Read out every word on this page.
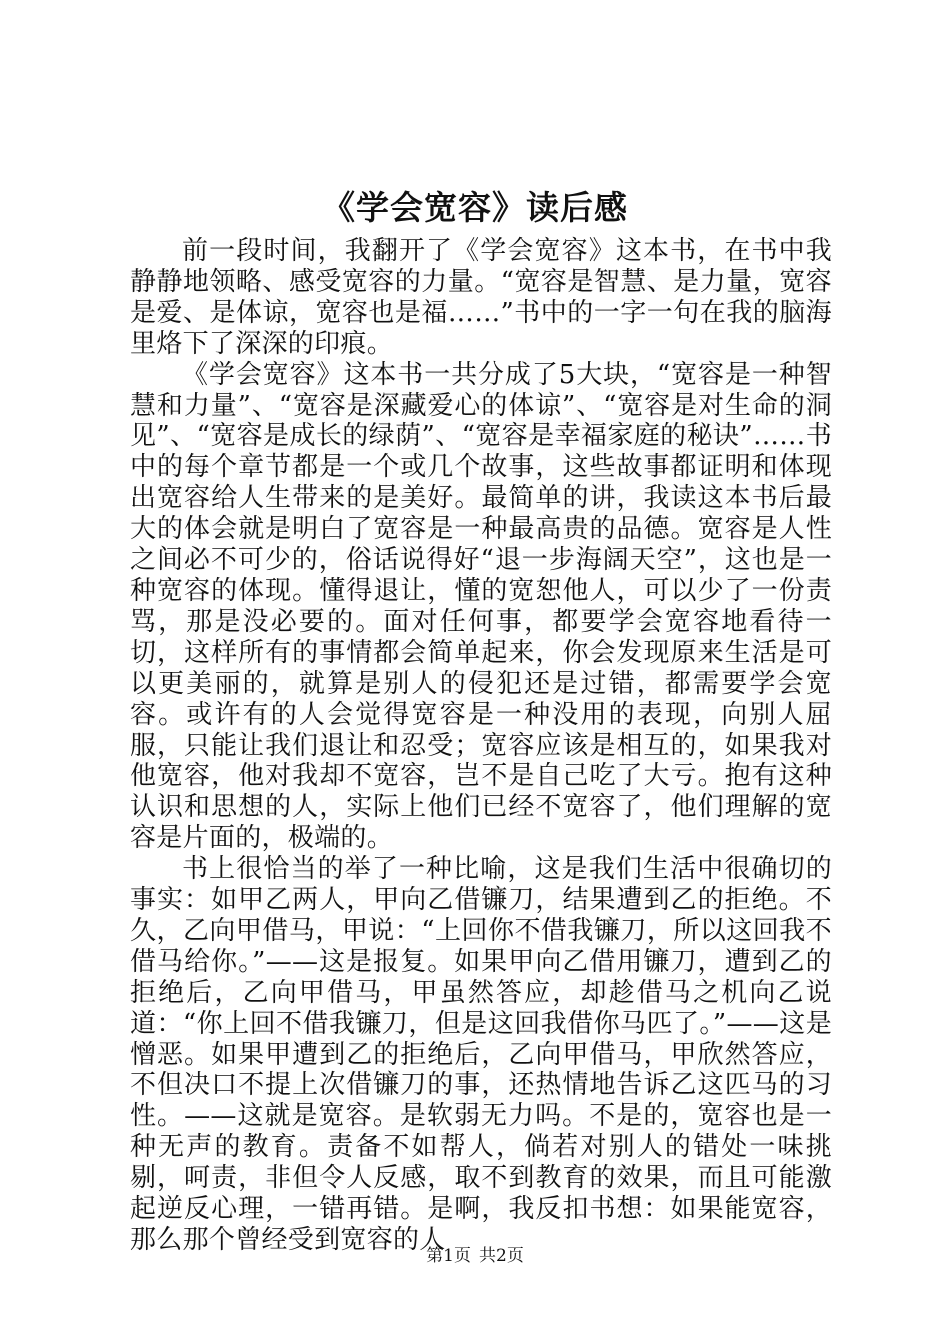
《学会宽容》读后感

前一段时间，我翻开了《学会宽容》这本书，在书中我静静地领略、感受宽容的力量。“宽容是智慧、是力量，宽容是爱、是体谅，宽容也是福……”书中的一字一句在我的脑海里烙下了深深的印痕。

《学会宽容》这本书一共分成了5大块，“宽容是一种智慧和力量”、“宽容是深藏爱心的体谅”、“宽容是对生命的洞见”、“宽容是成长的绿荫”、“宽容是幸福家庭的秘诀”……书中的每个章节都是一个或几个故事，这些故事都证明和体现出宽容给人生带来的是美好。最简单的讲，我读这本书后最大的体会就是明白了宽容是一种最高贵的品德。宽容是人性之间必不可少的，俗话说得好“退一步海阔天空”，这也是一种宽容的体现。懂得退让，懂的宽恕他人，可以少了一份责骂，那是没必要的。面对任何事，都要学会宽容地看待一切，这样所有的事情都会简单起来，你会发现原来生活是可以更美丽的，就算是别人的侵犯还是过错，都需要学会宽容。或许有的人会觉得宽容是一种没用的表现，向别人屈服，只能让我们退让和忍受；宽容应该是相互的，如果我对他宽容，他对我却不宽容，岂不是自己吃了大亏。抱有这种认识和思想的人，实际上他们已经不宽容了，他们理解的宽容是片面的，极端的。

书上很恰当的举了一种比喻，这是我们生活中很确切的事实：如甲乙两人，甲向乙借镰刀，结果遭到乙的拒绝。不久，乙向甲借马，甲说：“上回你不借我镰刀，所以这回我不借马给你。”——这是报复。如果甲向乙借用镰刀，遭到乙的拒绝后，乙向甲借马，甲虽然答应，却趁借马之机向乙说道：“你上回不借我镰刀，但是这回我借你马匹了。”——这是憎恶。如果甲遭到乙的拒绝后，乙向甲借马，甲欣然答应，不但决口不提上次借镰刀的事，还热情地告诉乙这匹马的习性。——这就是宽容。是软弱无力吗。不是的，宽容也是一种无声的教育。责备不如帮人，倘若对别人的错处一味挑剔，呵责，非但令人反感，取不到教育的效果，而且可能激起逆反心理，一错再错。是啊，我反扣书想：如果能宽容，那么那个曾经受到宽容的人

第1页 共2页
